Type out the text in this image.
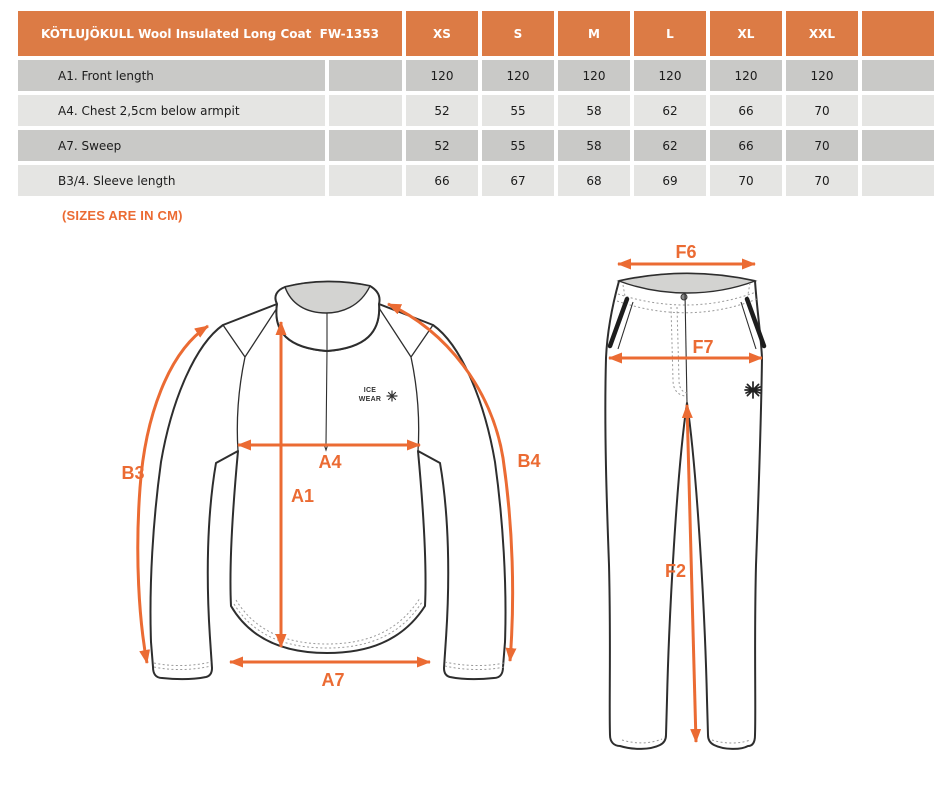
KÖTLUJÖKULL Wool Insulated Long Coat  FW-1353	XS	S	M	L	XL	XXL
A1. Front length	120	120	120	120	120	120
A4. Chest 2,5cm below armpit	52	55	58	62	66	70
A7. Sweep	52	55	58	62	66	70
B3/4. Sleeve length	66	67	68	69	70	70
(SIZES ARE IN CM)
ICE
WEAR
A1
A4
A7
B3
B4
F6
F7
F2
